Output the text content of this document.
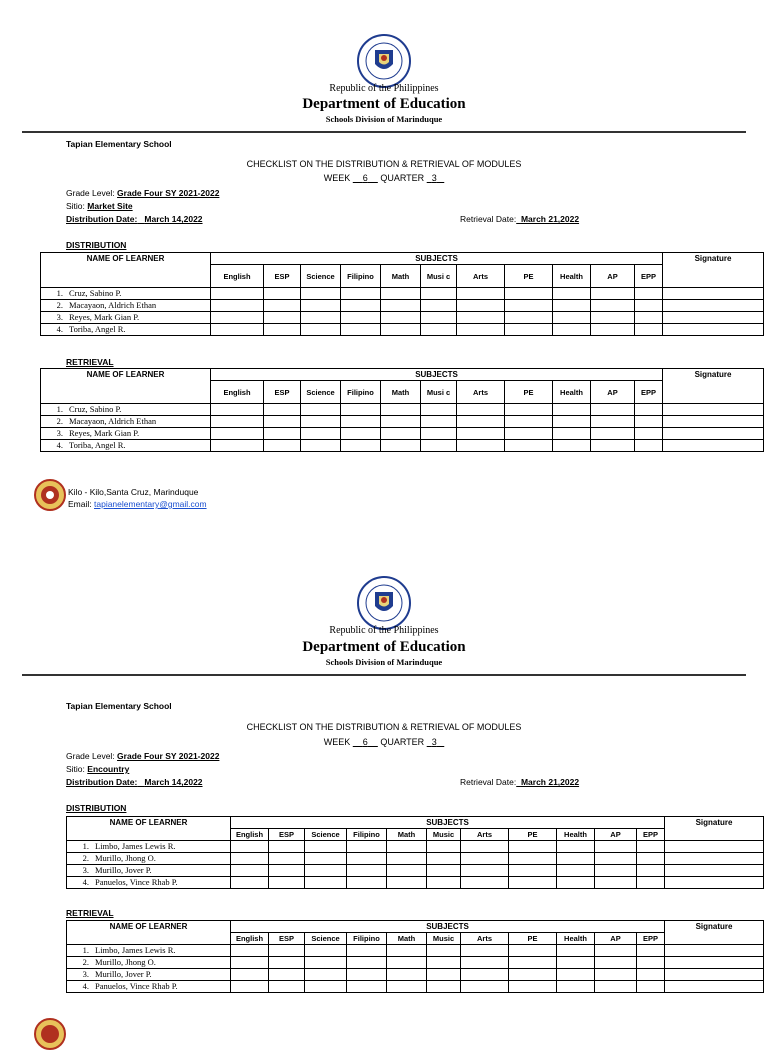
Republic of the Philippines
Department of Education
Schools Division of Marinduque
Tapian Elementary School
CHECKLIST ON THE DISTRIBUTION & RETRIEVAL OF MODULES
WEEK 6 QUARTER 3
Grade Level: Grade Four SY 2021-2022
Sitio: Market Site
Distribution Date: March 14,2022	Retrieval Date: March 21,2022
DISTRIBUTION
NAME OF LEARNER	SUBJECTS											Signature
	English	ESP	Science	Filipino	Math	Musi c	Arts	PE	Health	AP	EPP	
1. Cruz, Sabino P.												
2. Macayaon, Aldrich Ethan												
3. Reyes, Mark Gian P.												
4. Toriba, Angel R.												
RETRIEVAL
NAME OF LEARNER	SUBJECTS											Signature
	English	ESP	Science	Filipino	Math	Musi c	Arts	PE	Health	AP	EPP	
1. Cruz, Sabino P.												
2. Macayaon, Aldrich Ethan												
3. Reyes, Mark Gian P.												
4. Toriba, Angel R.												
Kilo - Kilo,Santa Cruz, Marinduque
Email: tapianelementary@gmail.com
Republic of the Philippines
Department of Education
Schools Division of Marinduque
Tapian Elementary School
CHECKLIST ON THE DISTRIBUTION & RETRIEVAL OF MODULES
WEEK 6 QUARTER 3
Grade Level: Grade Four SY 2021-2022
Sitio: Encountry
Distribution Date: March 14,2022	Retrieval Date: March 21,2022
DISTRIBUTION
NAME OF LEARNER	SUBJECTS											Signature
	English	ESP	Science	Filipino	Math	Music	Arts	PE	Health	AP	EPP	
1. Limbo, James Lewis R.												
2. Murillo, Jhong O.												
3. Murillo, Jover P.												
4. Panuelos, Vince Rhab P.												
RETRIEVAL
NAME OF LEARNER	SUBJECTS											Signature
	English	ESP	Science	Filipino	Math	Music	Arts	PE	Health	AP	EPP	
1. Limbo, James Lewis R.												
2. Murillo, Jhong O.												
3. Murillo, Jover P.												
4. Panuelos, Vince Rhab P.												
